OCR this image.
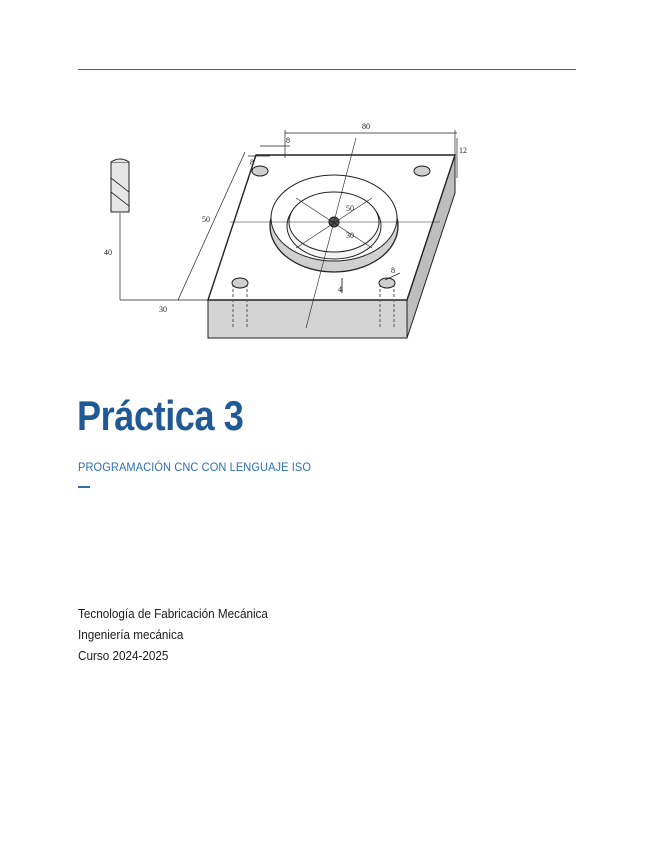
80
12
8
8
8
50
50
30
4
40
30
Práctica 3
PROGRAMACIÓN CNC CON LENGUAJE ISO
Tecnología de Fabricación Mecánica
Ingeniería mecánica
Curso 2024-2025
